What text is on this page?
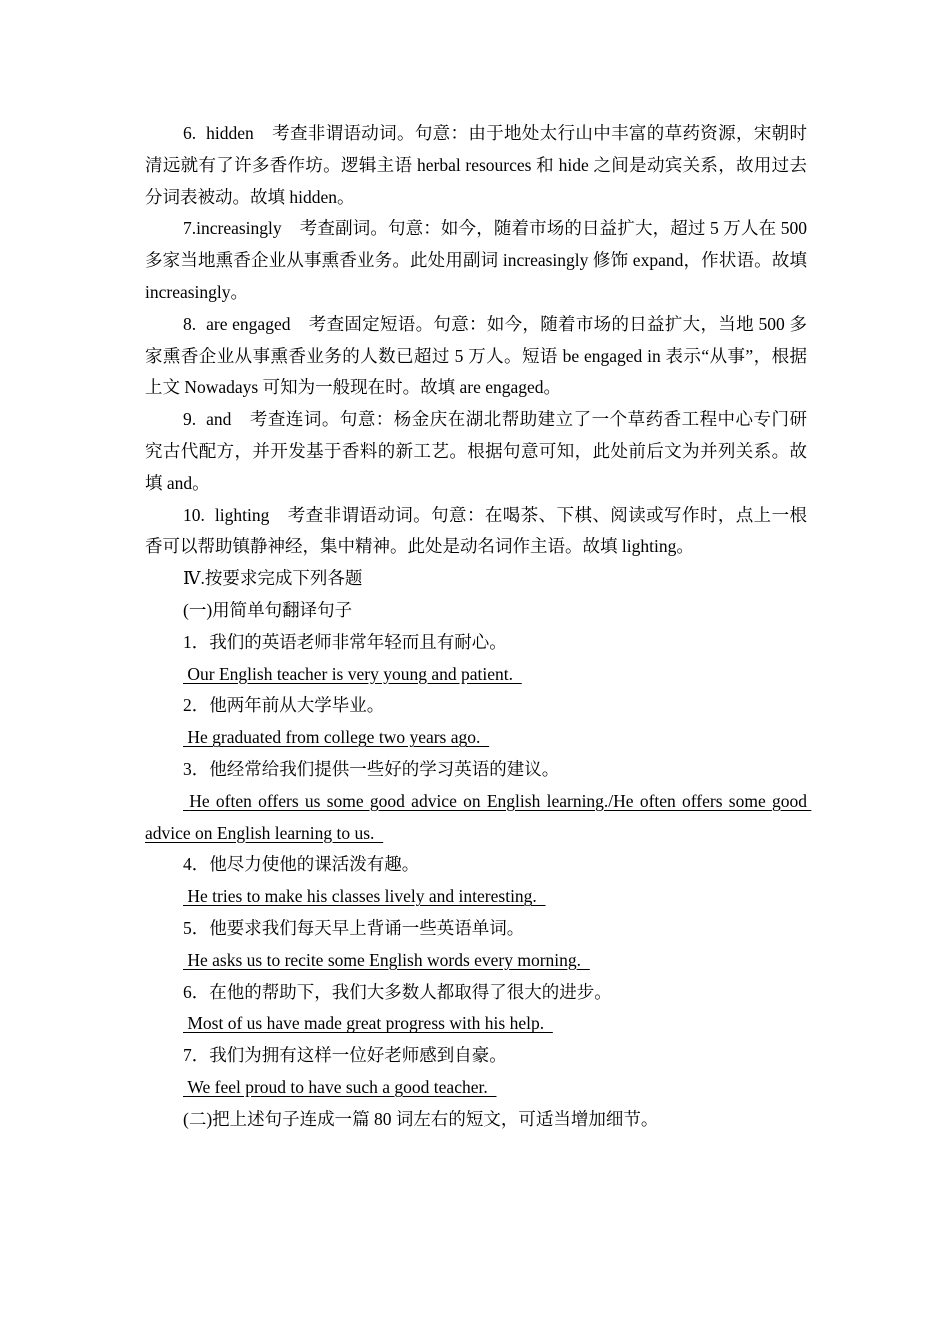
6. hidden 考查非谓语动词。句意：由于地处太行山中丰富的草药资源，宋朝时清远就有了许多香作坊。逻辑主语 herbal resources 和 hide 之间是动宾关系，故用过去分词表被动。故填 hidden。

7.increasingly 考查副词。句意：如今，随着市场的日益扩大，超过 5 万人在 500 多家当地熏香企业从事熏香业务。此处用副词 increasingly 修饰 expand，作状语。故填 increasingly。

8. are engaged 考查固定短语。句意：如今，随着市场的日益扩大，当地 500 多家熏香企业从事熏香业务的人数已超过 5 万人。短语 be engaged in 表示“从事”，根据上文 Nowadays 可知为一般现在时。故填 are engaged。

9. and 考查连词。句意：杨金庆在湖北帮助建立了一个草药香工程中心专门研究古代配方，并开发基于香料的新工艺。根据句意可知，此处前后文为并列关系。故填 and。

10. lighting 考查非谓语动词。句意：在喝茶、下棋、阅读或写作时，点上一根香可以帮助镇静神经，集中精神。此处是动名词作主语。故填 lighting。

Ⅳ.按要求完成下列各题

(一)用简单句翻译句子

1．我们的英语老师非常年轻而且有耐心。

Our English teacher is very young and patient.

2．他两年前从大学毕业。

He graduated from college two years ago.

3．他经常给我们提供一些好的学习英语的建议。

He often offers us some good advice on English learning./He often offers some good advice on English learning to us.

4．他尽力使他的课活泼有趣。

He tries to make his classes lively and interesting.

5．他要求我们每天早上背诵一些英语单词。

He asks us to recite some English words every morning.

6．在他的帮助下，我们大多数人都取得了很大的进步。

Most of us have made great progress with his help.

7．我们为拥有这样一位好老师感到自豪。

We feel proud to have such a good teacher.

(二)把上述句子连成一篇 80 词左右的短文，可适当增加细节。
